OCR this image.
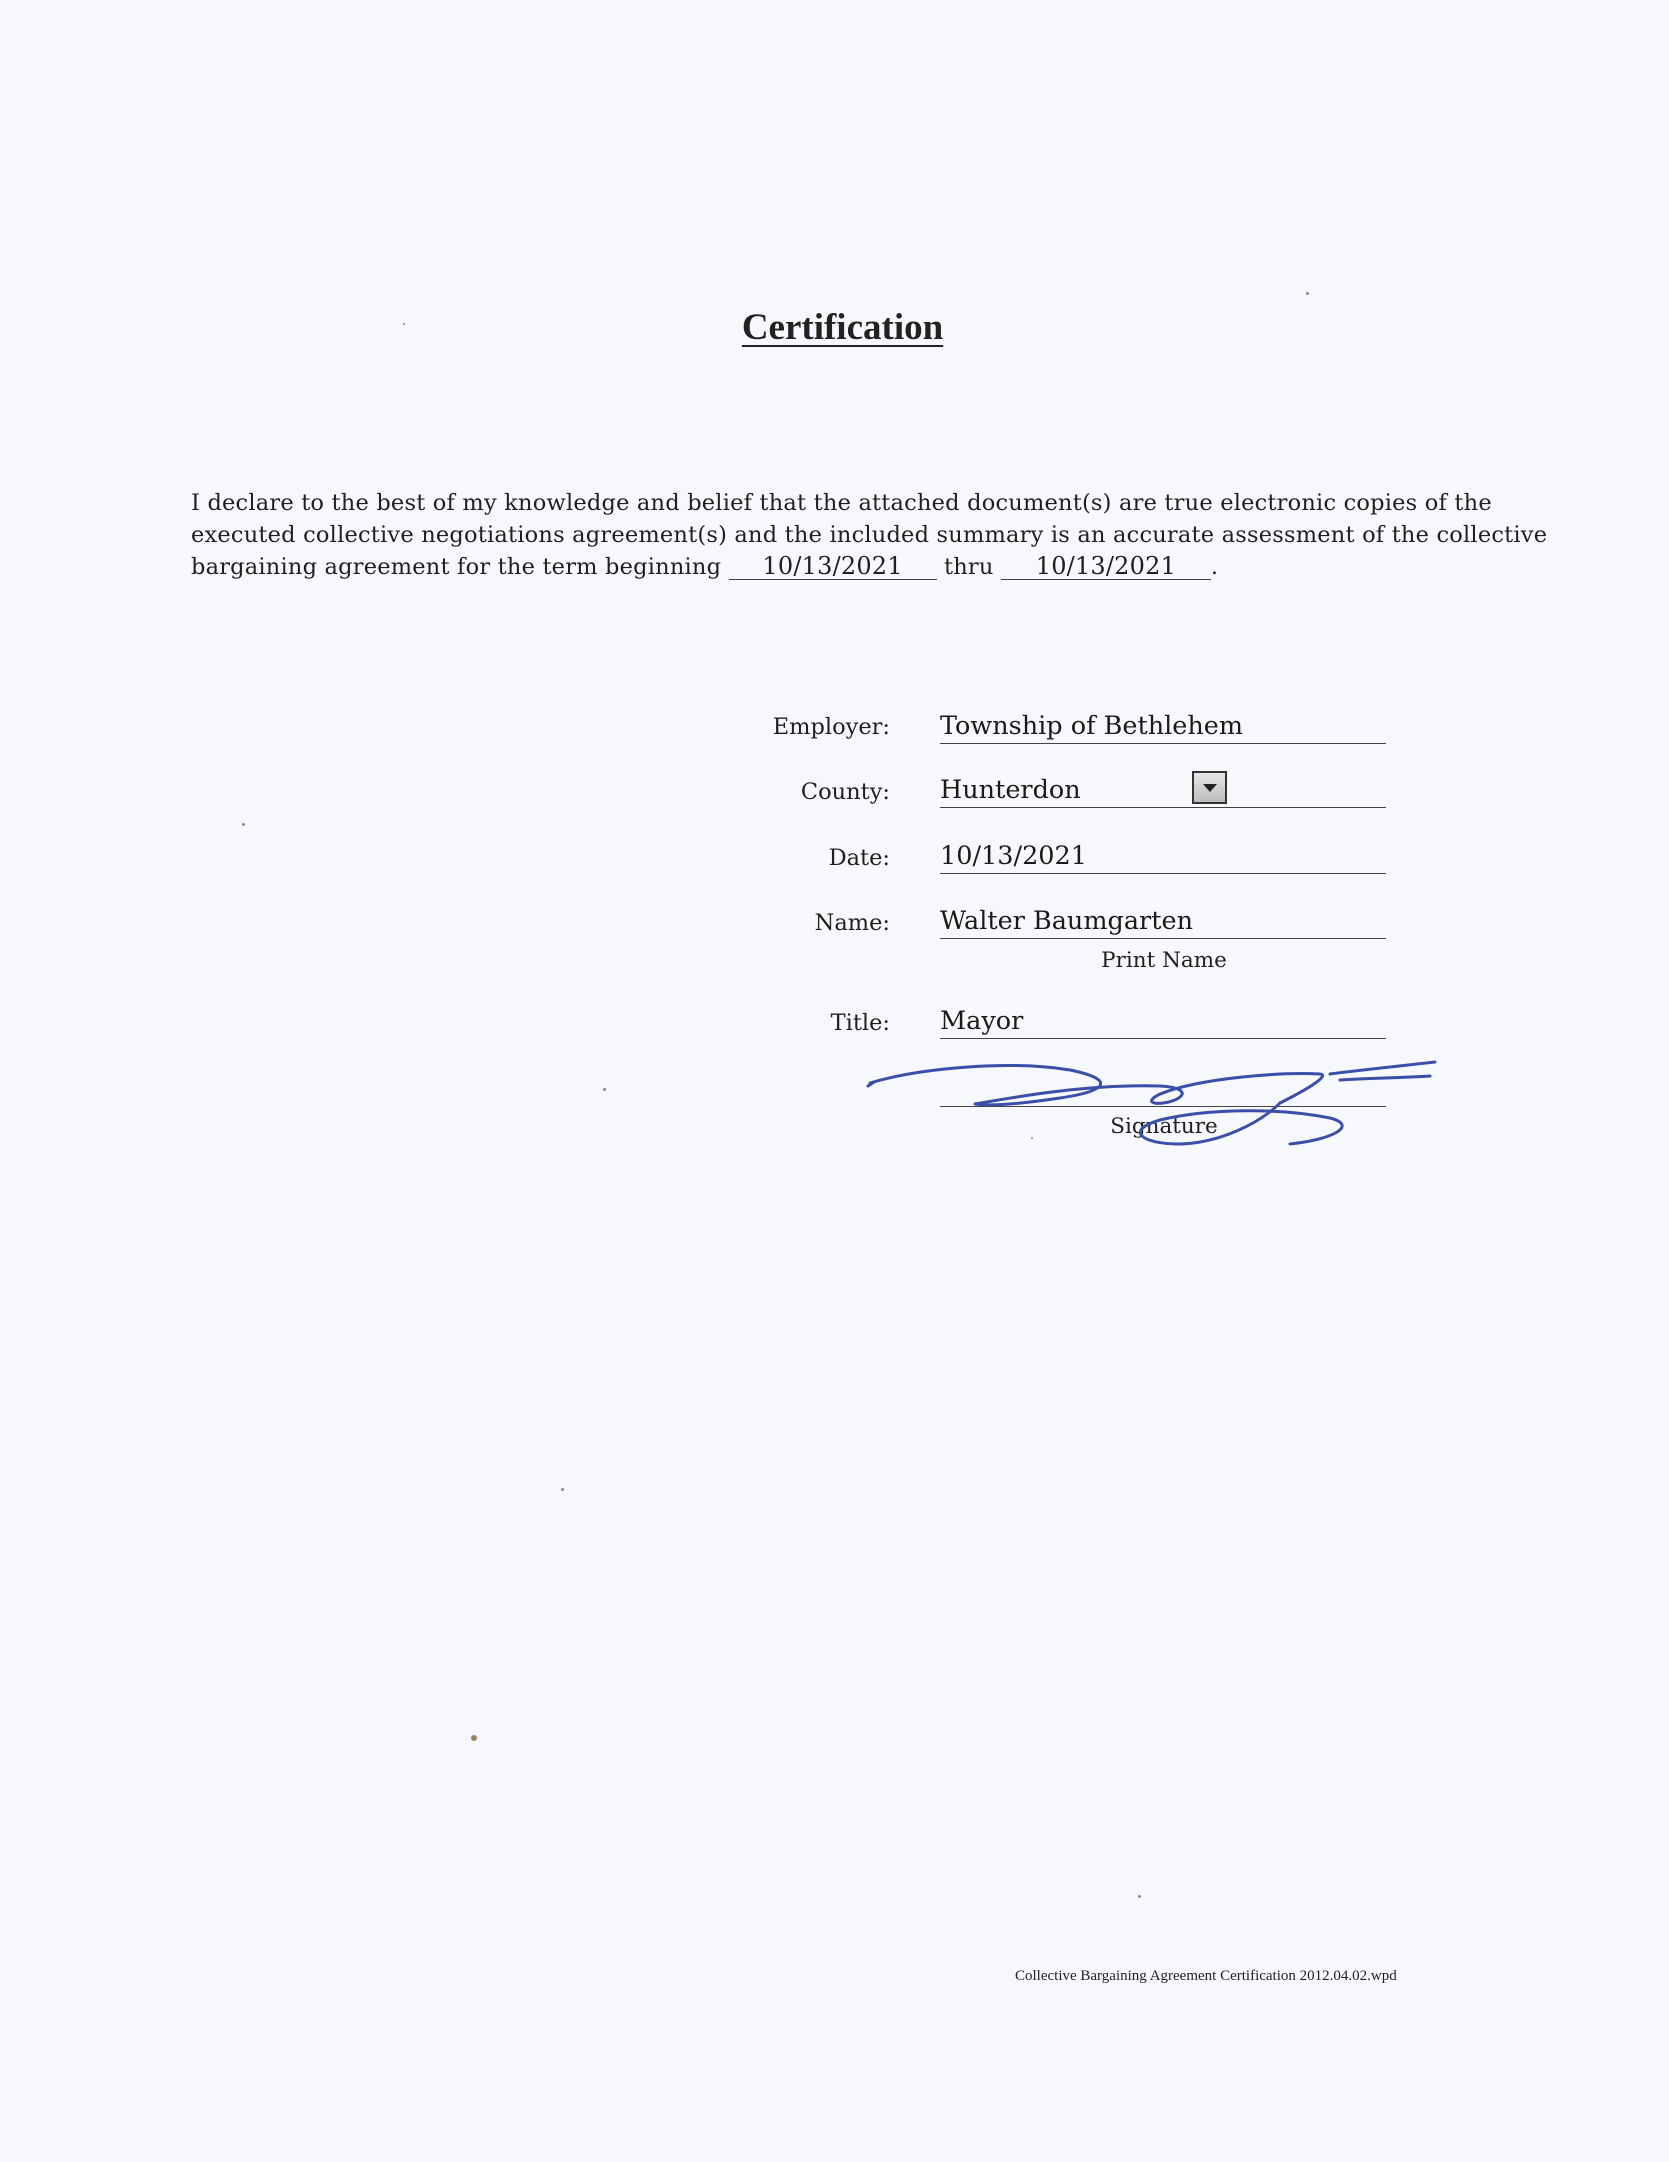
Certification
I declare to the best of my knowledge and belief that the attached document(s) are true electronic copies of the
executed collective negotiations agreement(s) and the included summary is an accurate assessment of the collective
bargaining agreement for the term beginning 10/13/2021 thru 10/13/2021 .
Employer: Township of Bethlehem
County: Hunterdon
Date: 10/13/2021
Name: Walter Baumgarten
Print Name
Title: Mayor
Signature
Collective Bargaining Agreement Certification 2012.04.02.wpd
